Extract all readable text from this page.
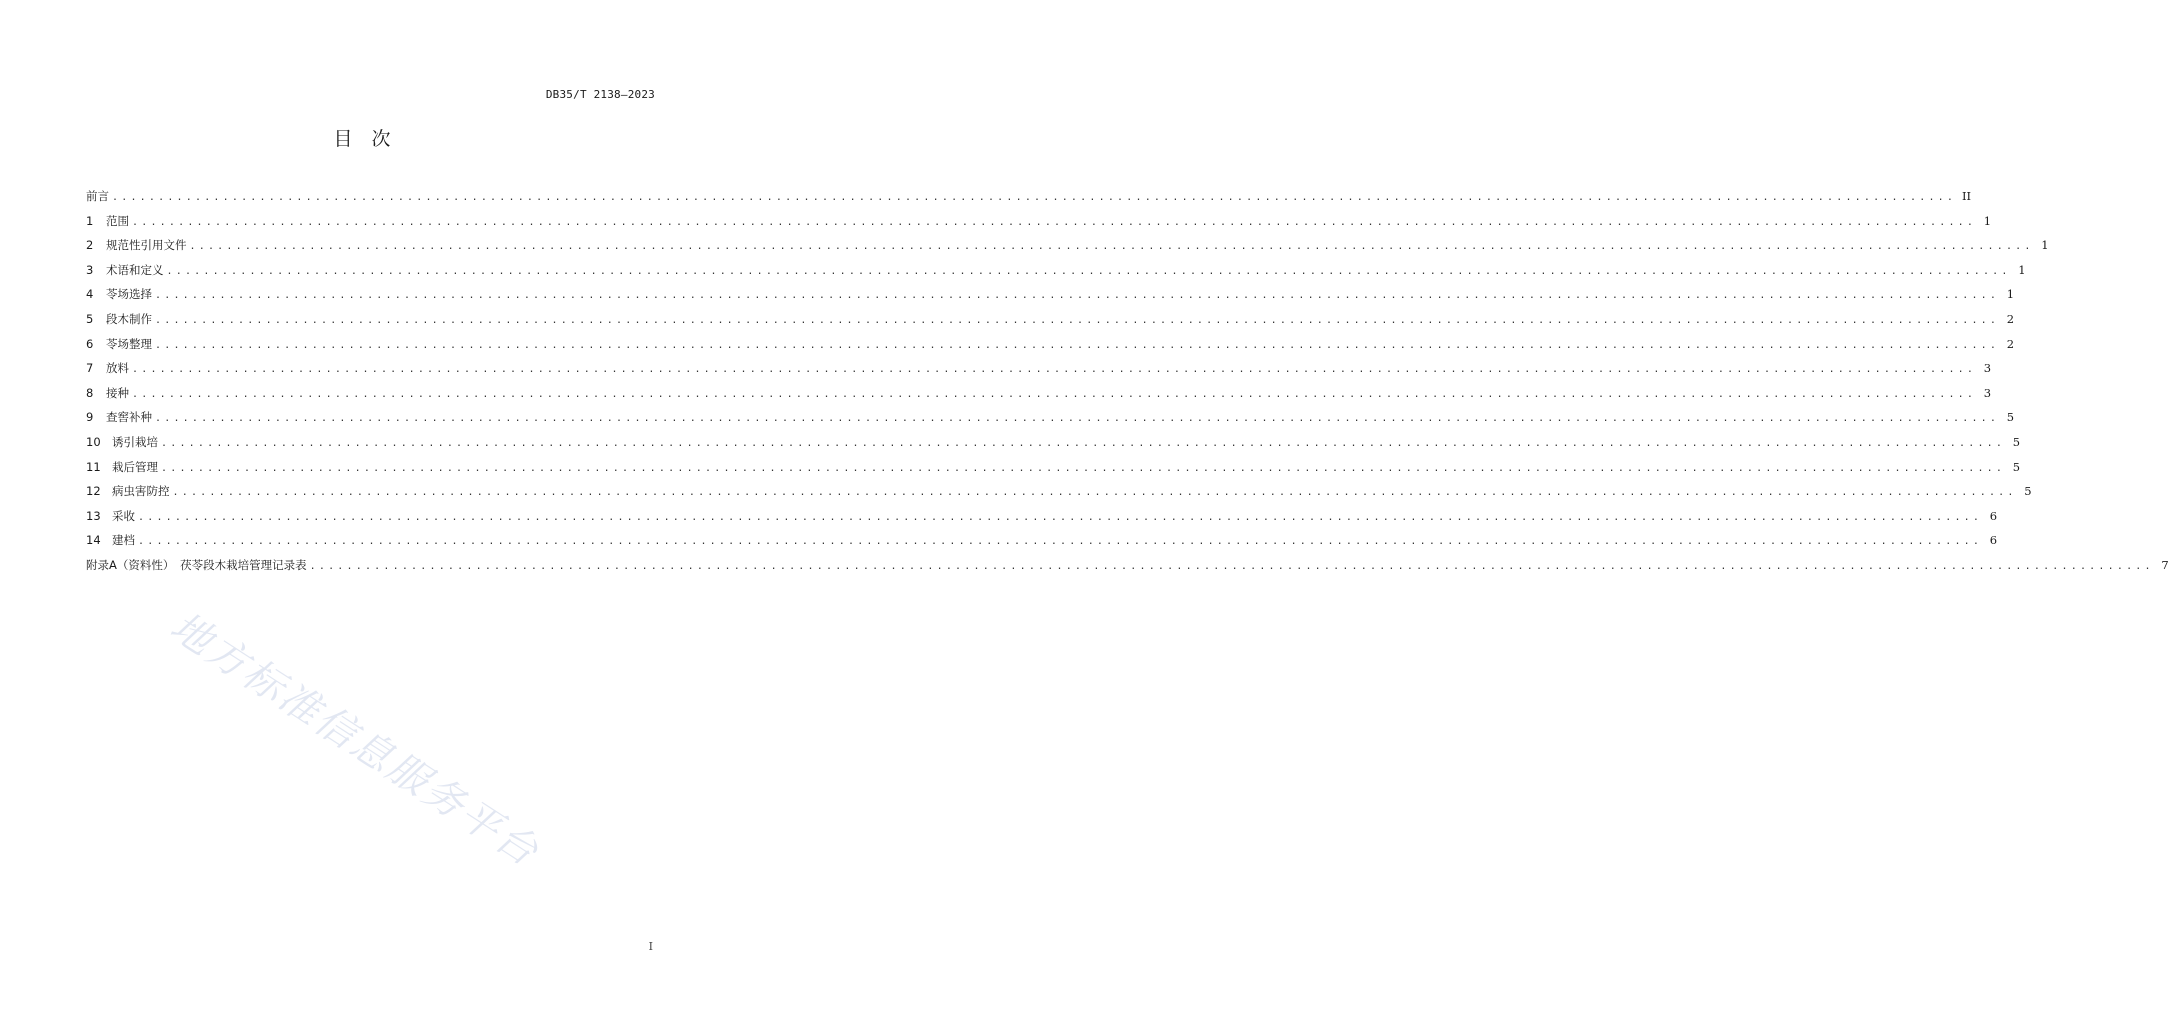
DB35/T 2138—2023
目　次
前言 ........................................................................................................................................................................................................ II
1	范围 ........................................................................................................................................................................................................ 1
2	规范性引用文件 ........................................................................................................................................................................................................ 1
3	术语和定义 ........................................................................................................................................................................................................ 1
4	苓场选择 ........................................................................................................................................................................................................ 1
5	段木制作 ........................................................................................................................................................................................................ 2
6	苓场整理 ........................................................................................................................................................................................................ 2
7	放料 ........................................................................................................................................................................................................ 3
8	接种 ........................................................................................................................................................................................................ 3
9	查窖补种 ........................................................................................................................................................................................................ 5
10 诱引栽培 ........................................................................................................................................................................................................ 5
11 栽后管理 ........................................................................................................................................................................................................ 5
12 病虫害防控 ........................................................................................................................................................................................................ 5
13 采收 ........................................................................................................................................................................................................ 6
14 建档 ........................................................................................................................................................................................................ 6
附录A（资料性）　茯苓段木栽培管理记录表 ........................................................................................................................................................................................................ 7
地方标准信息服务平台
I
